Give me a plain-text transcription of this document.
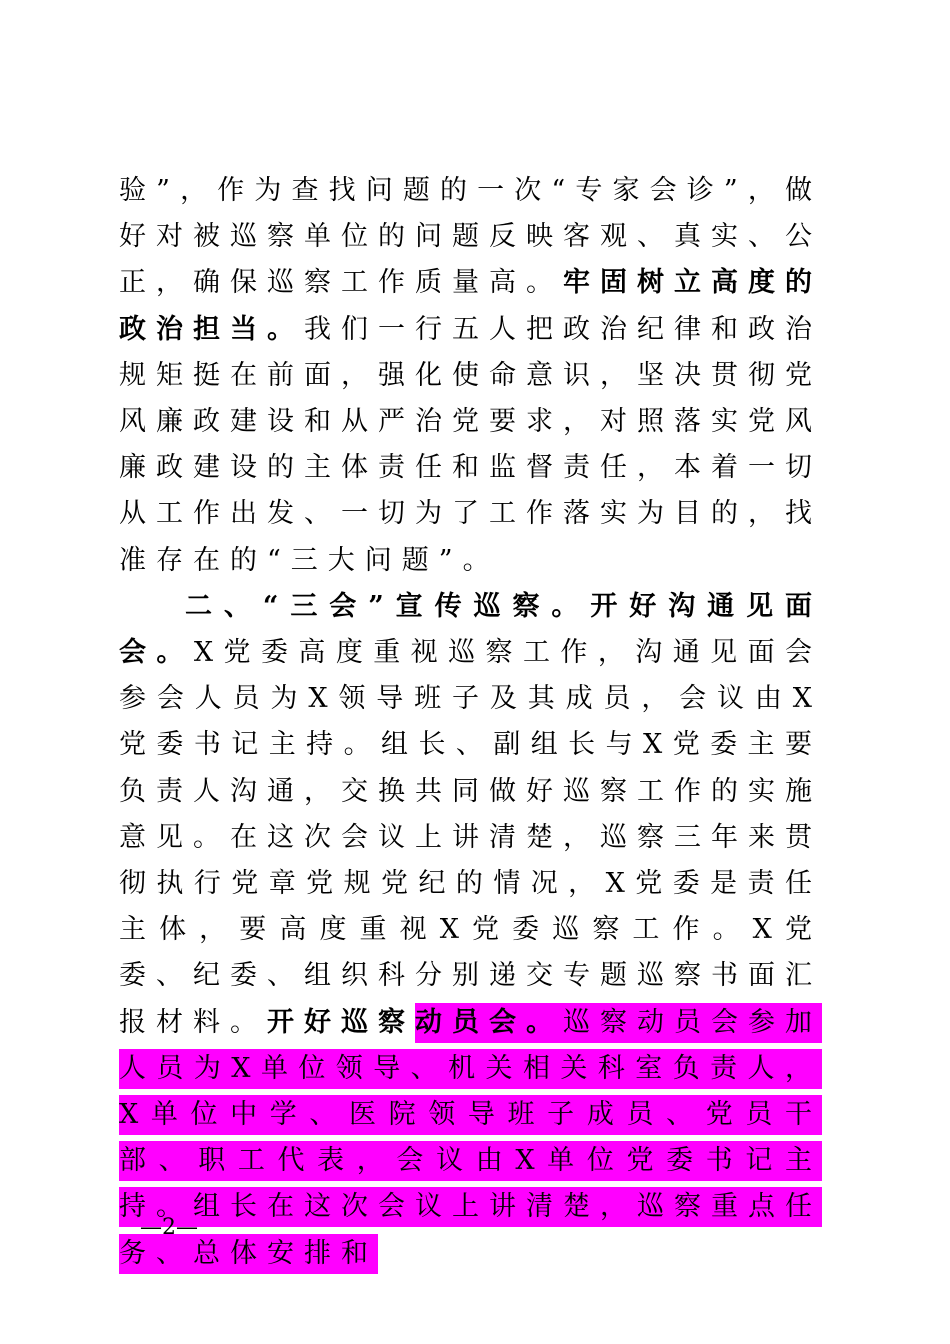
验”，作为查找问题的一次“专家会诊”，做好对被巡察单位的问题反映客观、真实、公正，确保巡察工作质量高。牢固树立高度的政治担当。我们一行五人把政治纪律和政治规矩挺在前面，强化使命意识，坚决贯彻党风廉政建设和从严治党要求，对照落实党风廉政建设的主体责任和监督责任，本着一切从工作出发、一切为了工作落实为目的，找准存在的“三大问题”。

二、“三会”宣传巡察。开好沟通见面会。X党委高度重视巡察工作，沟通见面会参会人员为X领导班子及其成员，会议由X党委书记主持。组长、副组长与X党委主要负责人沟通，交换共同做好巡察工作的实施意见。在这次会议上讲清楚，巡察三年来贯彻执行党章党规党纪的情况，X党委是责任主体，要高度重视X党委巡察工作。X党委、纪委、组织科分别递交专题巡察书面汇报材料。开好巡察动员会。巡察动员会参加人员为X单位领导、机关相关科室负责人，X单位中学、医院领导班子成员、党员干部、职工代表，会议由X单位党委书记主持。组长在这次会议上讲清楚，巡察重点任务、总体安排和

—2—
